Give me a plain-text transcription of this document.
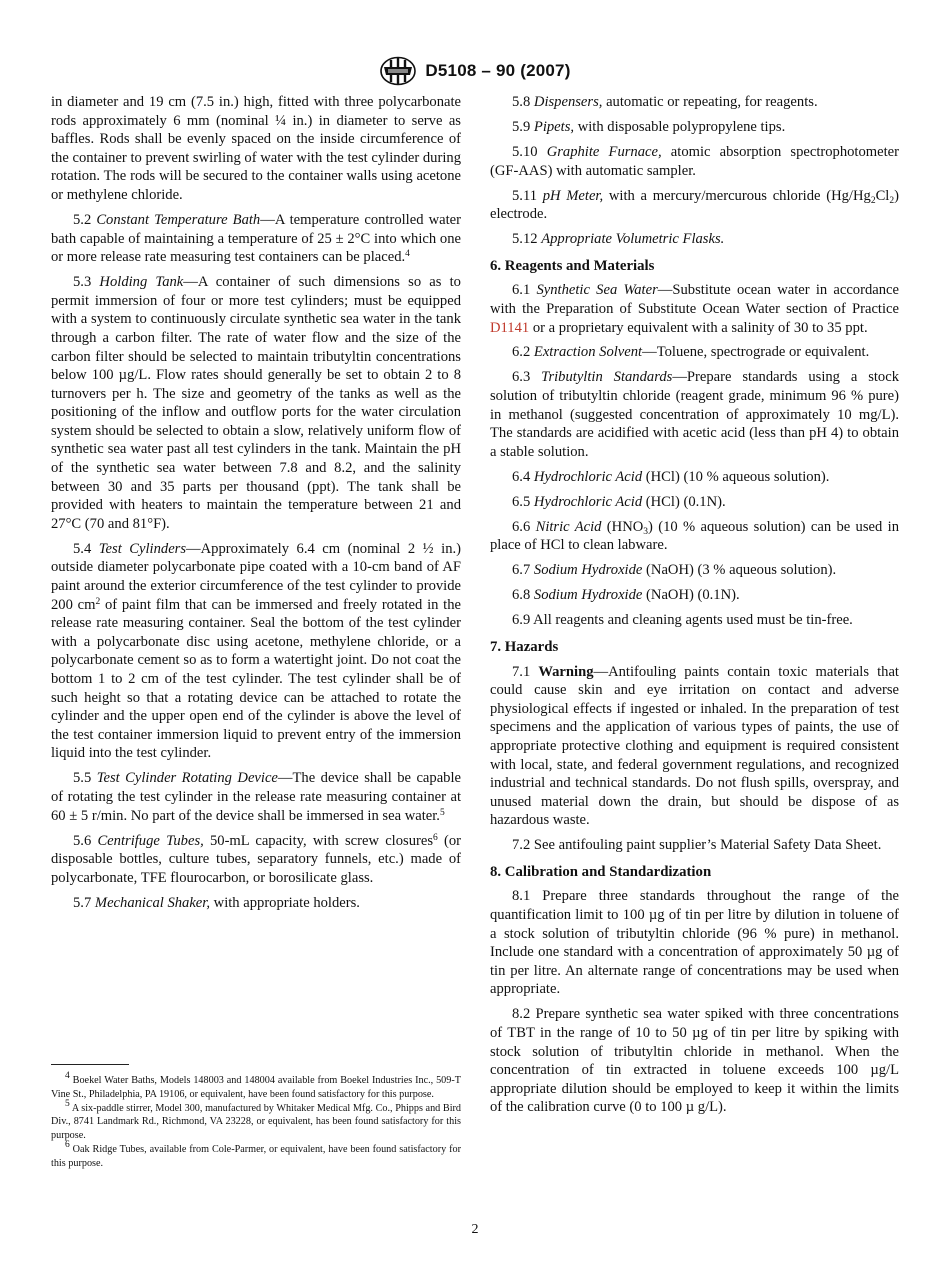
D5108 – 90 (2007)

in diameter and 19 cm (7.5 in.) high, fitted with three polycarbonate rods approximately 6 mm (nominal ¼ in.) in diameter to serve as baffles. Rods shall be evenly spaced on the inside circumference of the container to prevent swirling of water with the test cylinder during rotation. The rods will be secured to the container walls using acetone or methylene chloride.

5.2 Constant Temperature Bath—A temperature controlled water bath capable of maintaining a temperature of 25 ± 2°C into which one or more release rate measuring test containers can be placed.$^4$

5.3 Holding Tank—A container of such dimensions so as to permit immersion of four or more test cylinders; must be equipped with a system to continuously circulate synthetic sea water in the tank through a carbon filter. The rate of water flow and the size of the carbon filter should be selected to maintain tributyltin concentrations below 100 µg/L. Flow rates should generally be set to obtain 2 to 8 turnovers per h. The size and geometry of the tanks as well as the positioning of the inflow and outflow ports for the water circulation system should be selected to obtain a slow, relatively uniform flow of synthetic sea water past all test cylinders in the tank. Maintain the pH of the synthetic sea water between 7.8 and 8.2, and the salinity between 30 and 35 parts per thousand (ppt). The tank shall be provided with heaters to maintain the temperature between 21 and 27°C (70 and 81°F).

5.4 Test Cylinders—Approximately 6.4 cm (nominal 2 ½ in.) outside diameter polycarbonate pipe coated with a 10-cm band of AF paint around the exterior circumference of the test cylinder to provide 200 $cm^2$ of paint film that can be immersed and freely rotated in the release rate measuring container. Seal the bottom of the test cylinder with a polycarbonate disc using acetone, methylene chloride, or a polycarbonate cement so as to form a watertight joint. Do not coat the bottom 1 to 2 cm of the test cylinder. The test cylinder shall be of such height so that a rotating device can be attached to rotate the cylinder and the upper open end of the cylinder is above the level of the test container immersion liquid to prevent entry of the immersion liquid into the test cylinder.

5.5 Test Cylinder Rotating Device—The device shall be capable of rotating the test cylinder in the release rate measuring container at 60 ± 5 r/min. No part of the device shall be immersed in sea water.$^5$

5.6 Centrifuge Tubes, 50-mL capacity, with screw closures$^6$ (or disposable bottles, culture tubes, separatory funnels, etc.) made of polycarbonate, TFE flourocarbon, or borosilicate glass.

5.7 Mechanical Shaker, with appropriate holders.

$^4$ Boekel Water Baths, Models 148003 and 148004 available from Boekel Industries Inc., 509-T Vine St., Philadelphia, PA 19106, or equivalent, have been found satisfactory for this purpose.

$^5$ A six-paddle stirrer, Model 300, manufactured by Whitaker Medical Mfg. Co., Phipps and Bird Div., 8741 Landmark Rd., Richmond, VA 23228, or equivalent, has been found satisfactory for this purpose.

$^6$ Oak Ridge Tubes, available from Cole-Parmer, or equivalent, have been found satisfactory for this purpose.

5.8 Dispensers, automatic or repeating, for reagents.

5.9 Pipets, with disposable polypropylene tips.

5.10 Graphite Furnace, atomic absorption spectrophotometer (GF-AAS) with automatic sampler.

5.11 pH Meter, with a mercury/mercurous chloride $(Hg/Hg_2Cl_2)$ electrode.

5.12 Appropriate Volumetric Flasks.

6. Reagents and Materials

6.1 Synthetic Sea Water—Substitute ocean water in accordance with the Preparation of Substitute Ocean Water section of Practice D1141 or a proprietary equivalent with a salinity of 30 to 35 ppt.

6.2 Extraction Solvent—Toluene, spectrograde or equivalent.

6.3 Tributyltin Standards—Prepare standards using a stock solution of tributyltin chloride (reagent grade, minimum 96 % pure) in methanol (suggested concentration of approximately 10 mg/L). The standards are acidified with acetic acid (less than pH 4) to obtain a stable solution.

6.4 Hydrochloric Acid (HCl) (10 % aqueous solution).

6.5 Hydrochloric Acid (HCl) (0.1N).

6.6 Nitric Acid $(HNO_3)$ (10 % aqueous solution) can be used in place of HCl to clean labware.

6.7 Sodium Hydroxide (NaOH) (3 % aqueous solution).

6.8 Sodium Hydroxide (NaOH) (0.1N).

6.9 All reagents and cleaning agents used must be tin-free.

7. Hazards

7.1 Warning—Antifouling paints contain toxic materials that could cause skin and eye irritation on contact and adverse physiological effects if ingested or inhaled. In the preparation of test specimens and the application of various types of paints, the use of appropriate protective clothing and equipment is required consistent with local, state, and federal government regulations, and recognized industrial and technical standards. Do not flush spills, overspray, and unused material down the drain, but should be dispose of as hazardous waste.

7.2 See antifouling paint supplier’s Material Safety Data Sheet.

8. Calibration and Standardization

8.1 Prepare three standards throughout the range of the quantification limit to 100 µg of tin per litre by dilution in toluene of a stock solution of tributyltin chloride (96 % pure) in methanol. Include one standard with a concentration of approximately 50 µg of tin per litre. An alternate range of concentrations may be used when appropriate.

8.2 Prepare synthetic sea water spiked with three concentrations of TBT in the range of 10 to 50 µg of tin per litre by spiking with stock solution of tributyltin chloride in methanol. When the concentration of tin extracted in toluene exceeds 100 µg/L appropriate dilution should be employed to keep it within the limits of the calibration curve (0 to 100 µ g/L).

2
